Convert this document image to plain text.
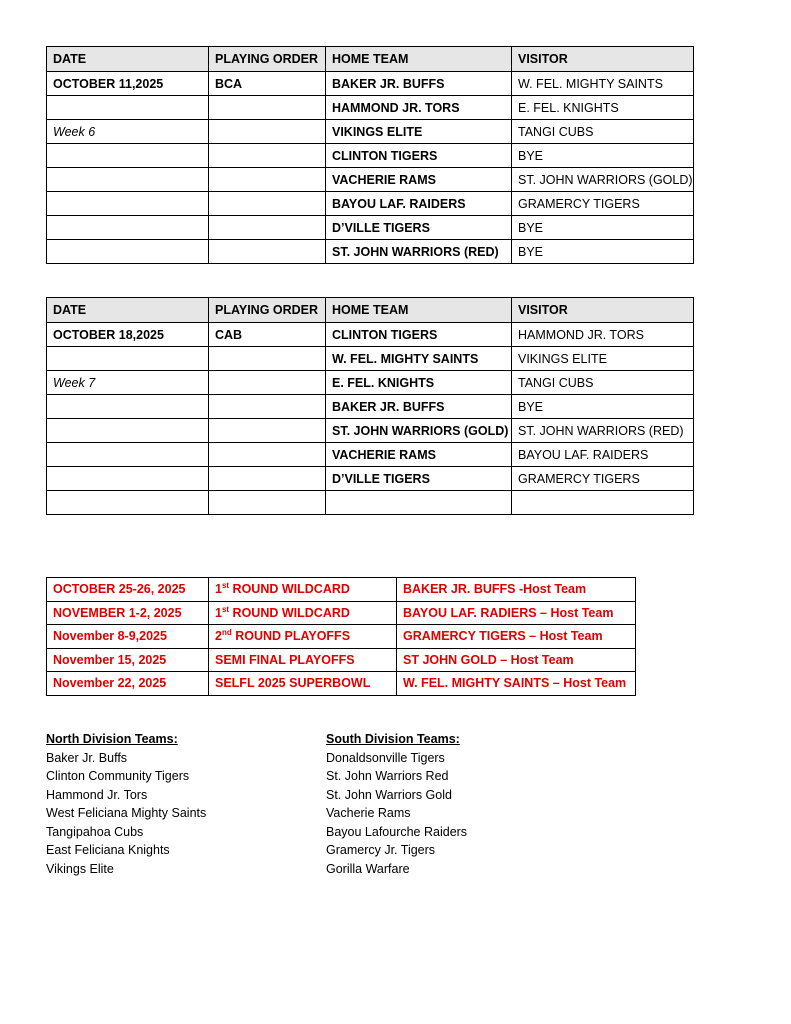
DATE	PLAYING ORDER	HOME TEAM	VISITOR
OCTOBER 11,2025	BCA	BAKER JR. BUFFS	W. FEL. MIGHTY SAINTS
		HAMMOND JR. TORS	E. FEL. KNIGHTS
Week 6		VIKINGS ELITE	TANGI CUBS
		CLINTON TIGERS	BYE
		VACHERIE RAMS	ST. JOHN WARRIORS (GOLD)
		BAYOU LAF. RAIDERS	GRAMERCY TIGERS
		D’VILLE TIGERS	BYE
		ST. JOHN WARRIORS (RED)	BYE
DATE	PLAYING ORDER	HOME TEAM	VISITOR
OCTOBER 18,2025	CAB	CLINTON TIGERS	HAMMOND JR. TORS
		W. FEL. MIGHTY SAINTS	VIKINGS ELITE
Week 7		E. FEL. KNIGHTS	TANGI CUBS
		BAKER JR. BUFFS	BYE
		ST. JOHN WARRIORS (GOLD)	ST. JOHN WARRIORS (RED)
		VACHERIE RAMS	BAYOU LAF. RAIDERS
		D’VILLE TIGERS	GRAMERCY TIGERS

OCTOBER 25-26, 2025	1st ROUND WILDCARD	BAKER JR. BUFFS -Host Team
NOVEMBER 1-2, 2025	1st ROUND WILDCARD	BAYOU LAF. RADIERS – Host Team
November 8-9,2025	2nd ROUND PLAYOFFS	GRAMERCY TIGERS – Host Team
November 15, 2025	SEMI FINAL PLAYOFFS	ST JOHN GOLD – Host Team
November 22, 2025	SELFL 2025 SUPERBOWL	W. FEL. MIGHTY SAINTS – Host Team
North Division Teams:
Baker Jr. Buffs
Clinton Community Tigers
Hammond Jr. Tors
West Feliciana Mighty Saints
Tangipahoa Cubs
East Feliciana Knights
Vikings Elite
South Division Teams:
Donaldsonville Tigers
St. John Warriors Red
St. John Warriors Gold
Vacherie Rams
Bayou Lafourche Raiders
Gramercy Jr. Tigers
Gorilla Warfare
